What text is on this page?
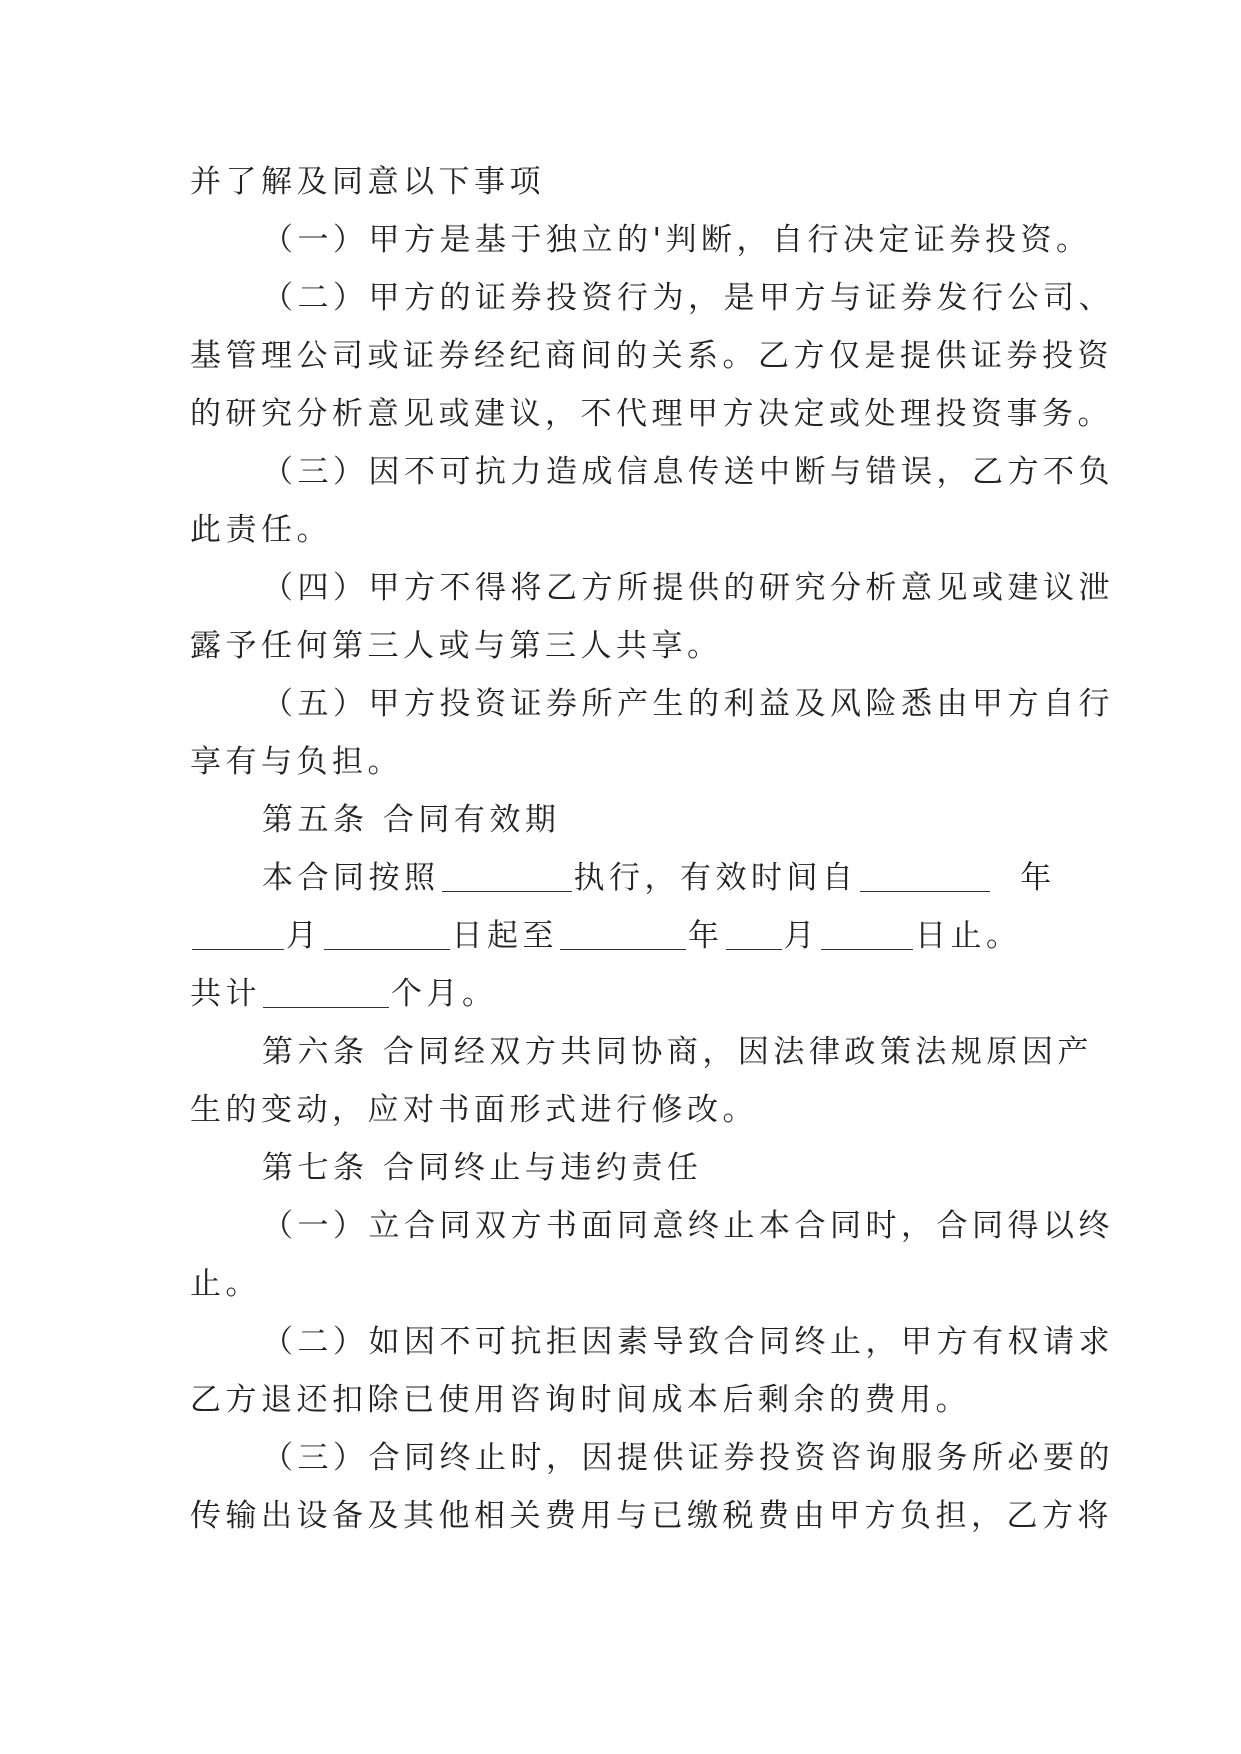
并了解及同意以下事项
（一）甲方是基于独立的'判断，自行决定证券投资。
（二）甲方的证券投资行为，是甲方与证券发行公司、
基管理公司或证券经纪商间的关系。乙方仅是提供证券投资
的研究分析意见或建议，不代理甲方决定或处理投资事务。
（三）因不可抗力造成信息传送中断与错误，乙方不负
此责任。
（四）甲方不得将乙方所提供的研究分析意见或建议泄
露予任何第三人或与第三人共享。
（五）甲方投资证券所产生的利益及风险悉由甲方自行
享有与负担。
第五条 合同有效期
本合同按照	执行，有效时间自	年
月	日起至	年 月	日止。
共计	个月。
第六条 合同经双方共同协商，因法律政策法规原因产
生的变动，应对书面形式进行修改。
第七条 合同终止与违约责任
（一）立合同双方书面同意终止本合同时，合同得以终
止。
（二）如因不可抗拒因素导致合同终止，甲方有权请求
乙方退还扣除已使用咨询时间成本后剩余的费用。
（三）合同终止时，因提供证券投资咨询服务所必要的
传输出设备及其他相关费用与已缴税费由甲方负担，乙方将
